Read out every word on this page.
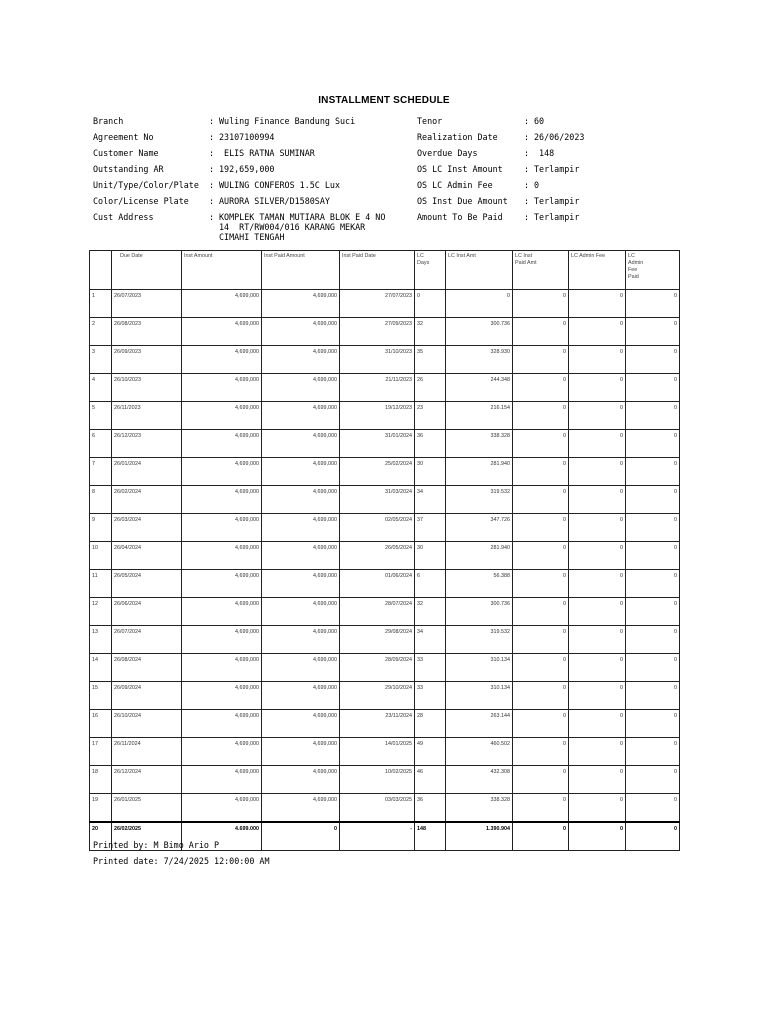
INSTALLMENT SCHEDULE
Branch	: Wuling Finance Bandung Suci
Agreement No	: 23107100994
Customer Name	: ELIS RATNA SUMINAR
Outstanding AR	: 192,659,000
Unit/Type/Color/Plate : WULING CONFEROS 1.5C Lux
Color/License Plate : AURORA SILVER/D1580SAY
Cust Address	: KOMPLEK TAMAN MUTIARA BLOK E 4 NO
14  RT/RW004/016 KARANG MEKAR
CIMAHI TENGAH
Tenor	: 60
Realization Date	: 26/06/2023
Overdue Days	: 148
OS LC Inst Amount	: Terlampir
OS LC Admin Fee	: 0
OS Inst Due Amount : Terlampir
Amount To Be Paid	: Terlampir
	Due Date	Inst Amount	Inst Paid Amount	Inst Paid Date	LC
Days	LC Inst Amt	LC Inst
Paid Amt	LC Admin Fee	LC
Admin
Fee
Paid
1	26/07/2023	4,699,000	4,699,000	27/07/2023	0	0	0	0	0
2	26/08/2023	4,699,000	4,699,000	27/09/2023	32	300.736	0	0	0
3	26/09/2023	4,699,000	4,699,000	31/10/2023	35	328.930	0	0	0
4	26/10/2023	4,699,000	4,699,000	21/11/2023	26	244.348	0	0	0
5	26/11/2023	4,699,000	4,699,000	19/12/2023	23	216.154	0	0	0
6	26/12/2023	4,699,000	4,699,000	31/01/2024	36	338.328	0	0	0
7	26/01/2024	4,699,000	4,699,000	25/02/2024	30	281.940	0	0	0
8	26/02/2024	4,699,000	4,699,000	31/03/2024	34	319.532	0	0	0
9	26/03/2024	4,699,000	4,699,000	02/05/2024	37	347.726	0	0	0
10	26/04/2024	4,699,000	4,699,000	26/05/2024	30	281.940	0	0	0
11	26/05/2024	4,699,000	4,699,000	01/06/2024	6	56.388	0	0	0
12	26/06/2024	4,699,000	4,699,000	28/07/2024	32	300.736	0	0	0
13	26/07/2024	4,699,000	4,699,000	29/08/2024	34	319.532	0	0	0
14	26/08/2024	4,699,000	4,699,000	28/09/2024	33	310.134	0	0	0
15	26/09/2024	4,699,000	4,699,000	29/10/2024	33	310.134	0	0	0
16	26/10/2024	4,699,000	4,699,000	23/11/2024	28	263.144	0	0	0
17	26/11/2024	4,699,000	4,699,000	14/01/2025	49	460.502	0	0	0
18	26/12/2024	4,699,000	4,699,000	10/02/2025	46	432.308	0	0	0
19	26/01/2025	4,699,000	4,699,000	03/03/2025	36	338.328	0	0	0
20	26/02/2025	4.699.000	0	-	148	1.390.904	0	0	0
Printed by: M Bimo Ario P
Printed date: 7/24/2025 12:00:00 AM
